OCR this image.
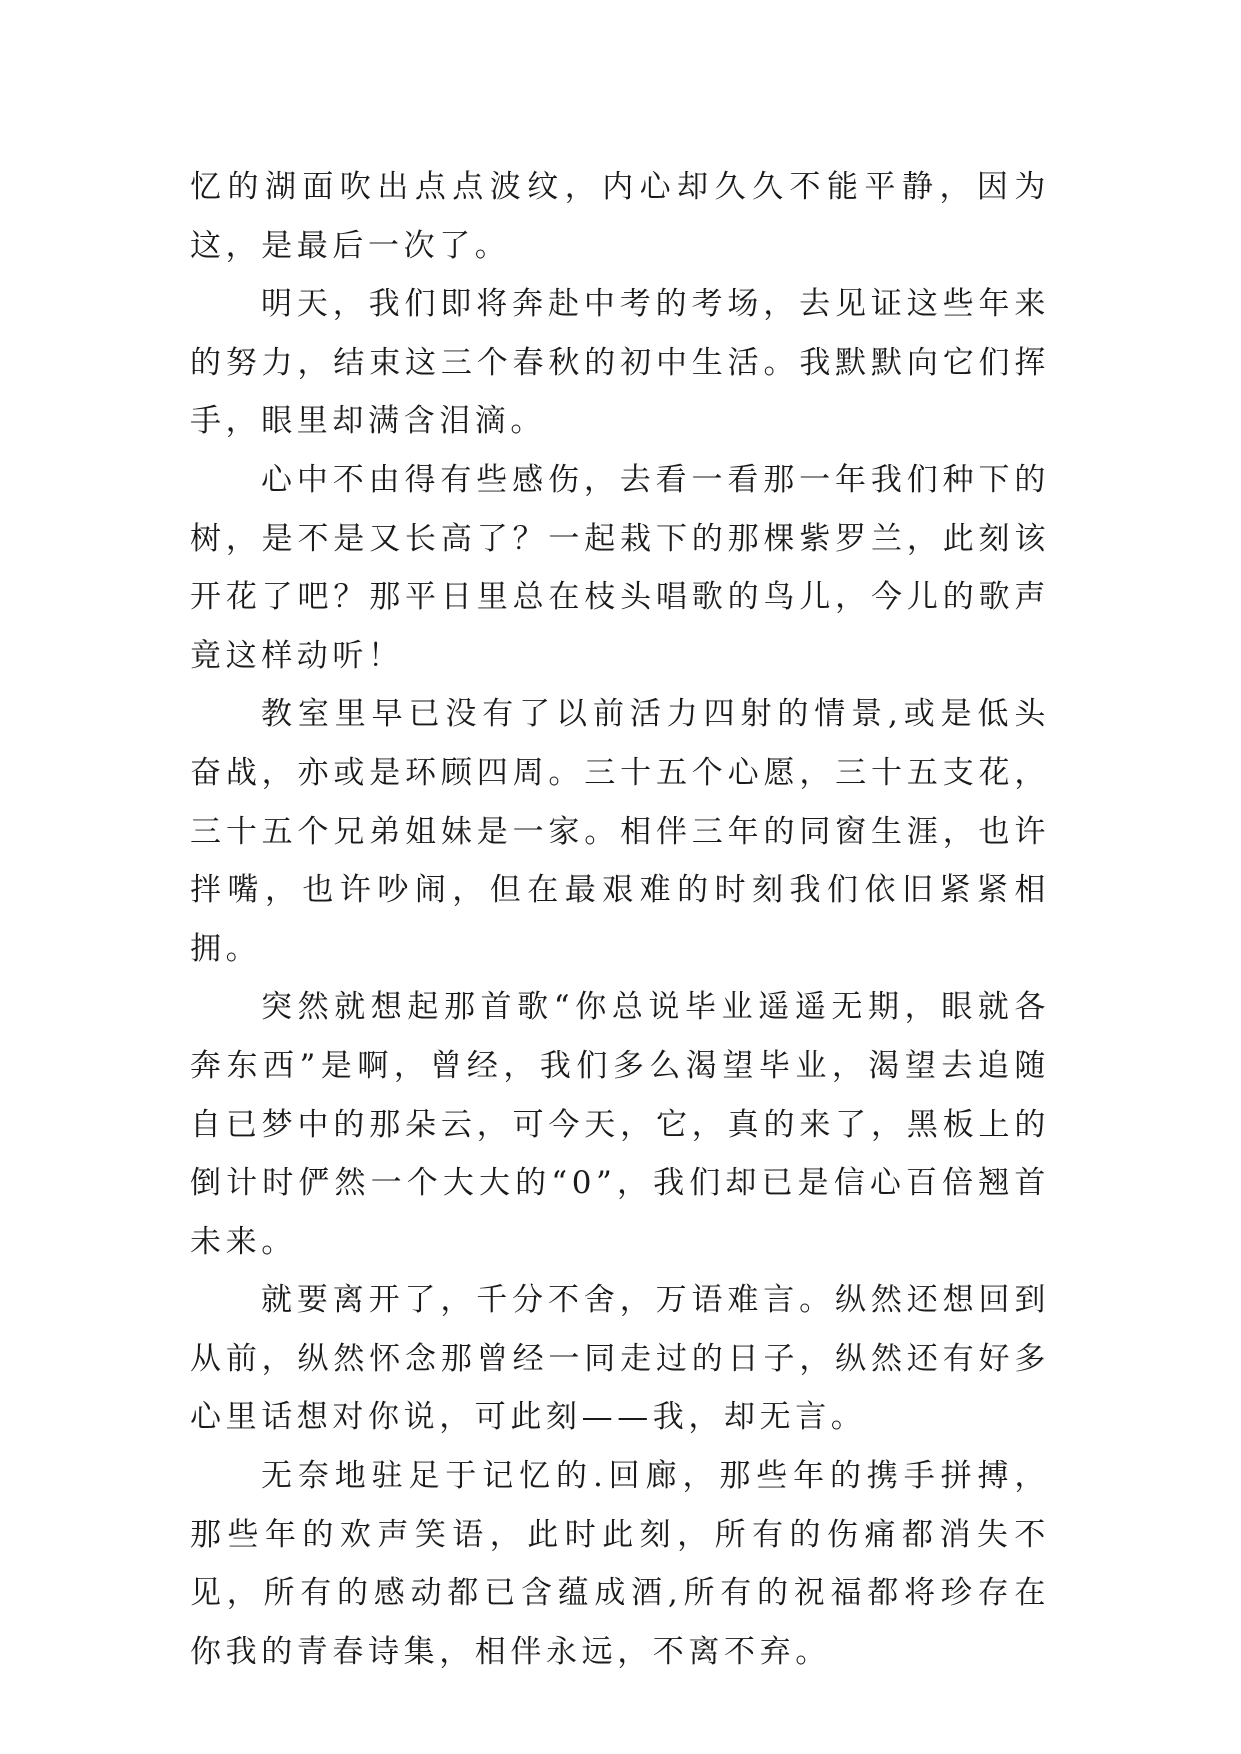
忆的湖面吹出点点波纹，内心却久久不能平静，因为这，是最后一次了。

明天，我们即将奔赴中考的考场，去见证这些年来的努力，结束这三个春秋的初中生活。我默默向它们挥手，眼里却满含泪滴。

心中不由得有些感伤，去看一看那一年我们种下的树，是不是又长高了？一起栽下的那棵紫罗兰，此刻该开花了吧？那平日里总在枝头唱歌的鸟儿，今儿的歌声竟这样动听！

教室里早已没有了以前活力四射的情景,或是低头奋战，亦或是环顾四周。三十五个心愿，三十五支花，三十五个兄弟姐妹是一家。相伴三年的同窗生涯，也许拌嘴，也许吵闹，但在最艰难的时刻我们依旧紧紧相拥。

突然就想起那首歌“你总说毕业遥遥无期，眼就各奔东西”是啊，曾经，我们多么渴望毕业，渴望去追随自已梦中的那朵云，可今天，它，真的来了，黑板上的倒计时俨然一个大大的“0”，我们却已是信心百倍翘首未来。

就要离开了，千分不舍，万语难言。纵然还想回到从前，纵然怀念那曾经一同走过的日子，纵然还有好多心里话想对你说，可此刻——我，却无言。

无奈地驻足于记忆的.回廊，那些年的携手拼搏，那些年的欢声笑语，此时此刻，所有的伤痛都消失不见，所有的感动都已含蕴成酒,所有的祝福都将珍存在你我的青春诗集，相伴永远，不离不弃。
